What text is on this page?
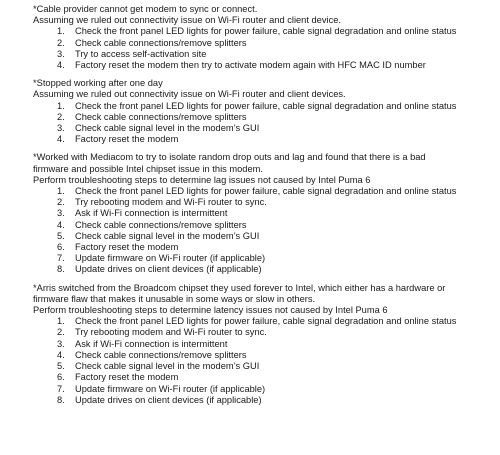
*Cable provider cannot get modem to sync or connect.
Assuming we ruled out connectivity issue on Wi-Fi router and client device.
1. Check the front panel LED lights for power failure, cable signal degradation and online status
2. Check cable connections/remove splitters
3. Try to access self-activation site
4. Factory reset the modem then try to activate modem again with HFC MAC ID number
*Stopped working after one day
Assuming we ruled out connectivity issue on Wi-Fi router and client devices.
1. Check the front panel LED lights for power failure, cable signal degradation and online status
2. Check cable connections/remove splitters
3. Check cable signal level in the modem’s GUI
4. Factory reset the modem
*Worked with Mediacom to try to isolate random drop outs and lag and found that there is a bad
firmware and possible Intel chipset issue in this modem.
Perform troubleshooting steps to determine lag issues not caused by Intel Puma 6
1. Check the front panel LED lights for power failure, cable signal degradation and online status
2. Try rebooting modem and Wi-Fi router to sync.
3. Ask if Wi-Fi connection is intermittent
4. Check cable connections/remove splitters
5. Check cable signal level in the modem’s GUI
6. Factory reset the modem
7. Update firmware on Wi-Fi router (if applicable)
8. Update drives on client devices (if applicable)
*Arris switched from the Broadcom chipset they used forever to Intel, which either has a hardware or
firmware flaw that makes it unusable in some ways or slow in others.
Perform troubleshooting steps to determine latency issues not caused by Intel Puma 6
1. Check the front panel LED lights for power failure, cable signal degradation and online status
2. Try rebooting modem and Wi-Fi router to sync.
3. Ask if Wi-Fi connection is intermittent
4. Check cable connections/remove splitters
5. Check cable signal level in the modem’s GUI
6. Factory reset the modem
7. Update firmware on Wi-Fi router (if applicable)
8. Update drives on client devices (if applicable)
